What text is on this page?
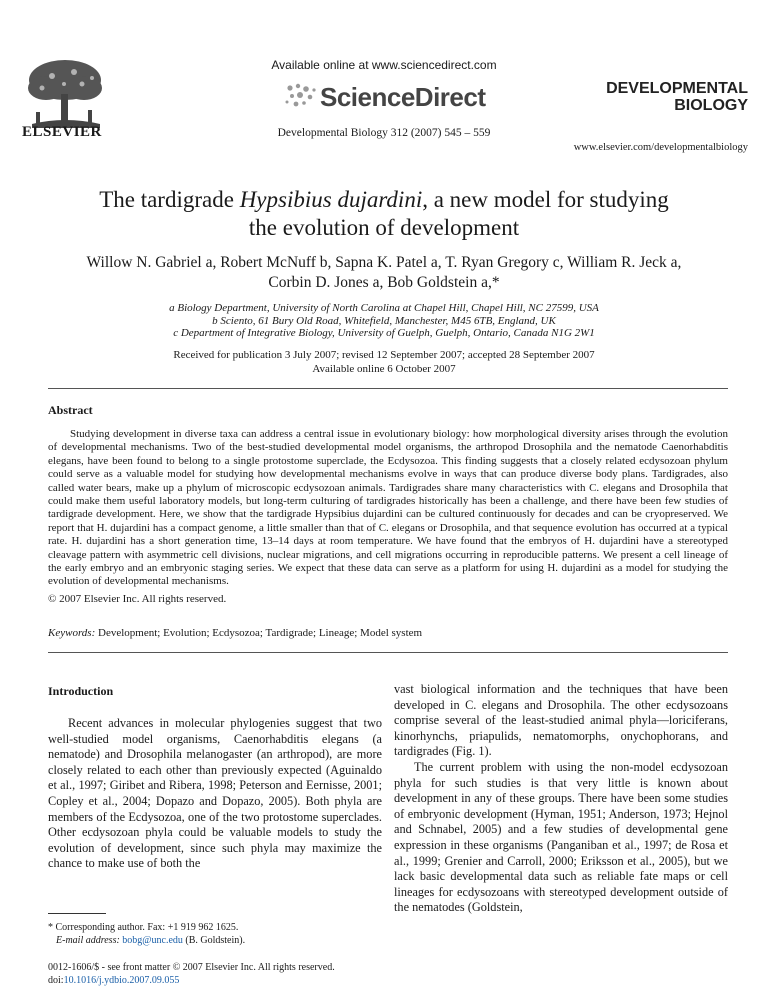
ELSEVIER
Available online at www.sciencedirect.com
ScienceDirect
Developmental Biology 312 (2007) 545 – 559
DEVELOPMENTAL
BIOLOGY
www.elsevier.com/developmentalbiology
The tardigrade Hypsibius dujardini, a new model for studying
the evolution of development
Willow N. Gabriel a, Robert McNuff b, Sapna K. Patel a, T. Ryan Gregory c, William R. Jeck a,
Corbin D. Jones a, Bob Goldstein a,*
a Biology Department, University of North Carolina at Chapel Hill, Chapel Hill, NC 27599, USA
b Sciento, 61 Bury Old Road, Whitefield, Manchester, M45 6TB, England, UK
c Department of Integrative Biology, University of Guelph, Guelph, Ontario, Canada N1G 2W1
Received for publication 3 July 2007; revised 12 September 2007; accepted 28 September 2007
Available online 6 October 2007
Abstract
Studying development in diverse taxa can address a central issue in evolutionary biology: how morphological diversity arises through the evolution of developmental mechanisms. Two of the best-studied developmental model organisms, the arthropod Drosophila and the nematode Caenorhabditis elegans, have been found to belong to a single protostome superclade, the Ecdysozoa. This finding suggests that a closely related ecdysozoan phylum could serve as a valuable model for studying how developmental mechanisms evolve in ways that can produce diverse body plans. Tardigrades, also called water bears, make up a phylum of microscopic ecdysozoan animals. Tardigrades share many characteristics with C. elegans and Drosophila that could make them useful laboratory models, but long-term culturing of tardigrades historically has been a challenge, and there have been few studies of tardigrade development. Here, we show that the tardigrade Hypsibius dujardini can be cultured continuously for decades and can be cryopreserved. We report that H. dujardini has a compact genome, a little smaller than that of C. elegans or Drosophila, and that sequence evolution has occurred at a typical rate. H. dujardini has a short generation time, 13–14 days at room temperature. We have found that the embryos of H. dujardini have a stereotyped cleavage pattern with asymmetric cell divisions, nuclear migrations, and cell migrations occurring in reproducible patterns. We present a cell lineage of the early embryo and an embryonic staging series. We expect that these data can serve as a platform for using H. dujardini as a model for studying the evolution of developmental mechanisms.
© 2007 Elsevier Inc. All rights reserved.
Keywords: Development; Evolution; Ecdysozoa; Tardigrade; Lineage; Model system
Introduction
Recent advances in molecular phylogenies suggest that two well-studied model organisms, Caenorhabditis elegans (a nematode) and Drosophila melanogaster (an arthropod), are more closely related to each other than previously expected (Aguinaldo et al., 1997; Giribet and Ribera, 1998; Peterson and Eernisse, 2001; Copley et al., 2004; Dopazo and Dopazo, 2005). Both phyla are members of the Ecdysozoa, one of the two protostome superclades. Other ecdysozoan phyla could be valuable models to study the evolution of development, since such phyla may maximize the chance to make use of both the

vast biological information and the techniques that have been developed in C. elegans and Drosophila. The other ecdysozoans comprise several of the least-studied animal phyla—loriciferans, kinorhynchs, priapulids, nematomorphs, onychophorans, and tardigrades (Fig. 1).

The current problem with using the non-model ecdysozoan phyla for such studies is that very little is known about development in any of these groups. There have been some studies of embryonic development (Hyman, 1951; Anderson, 1973; Hejnol and Schnabel, 2005) and a few studies of developmental gene expression in these organisms (Panganiban et al., 1997; de Rosa et al., 1999; Grenier and Carroll, 2000; Eriksson et al., 2005), but we lack basic developmental data such as reliable fate maps or cell lineages for ecdysozoans with stereotyped development outside of the nematodes (Goldstein,

* Corresponding author. Fax: +1 919 962 1625.
E-mail address: bobg@unc.edu (B. Goldstein).
0012-1606/$ - see front matter © 2007 Elsevier Inc. All rights reserved.
doi:10.1016/j.ydbio.2007.09.055
